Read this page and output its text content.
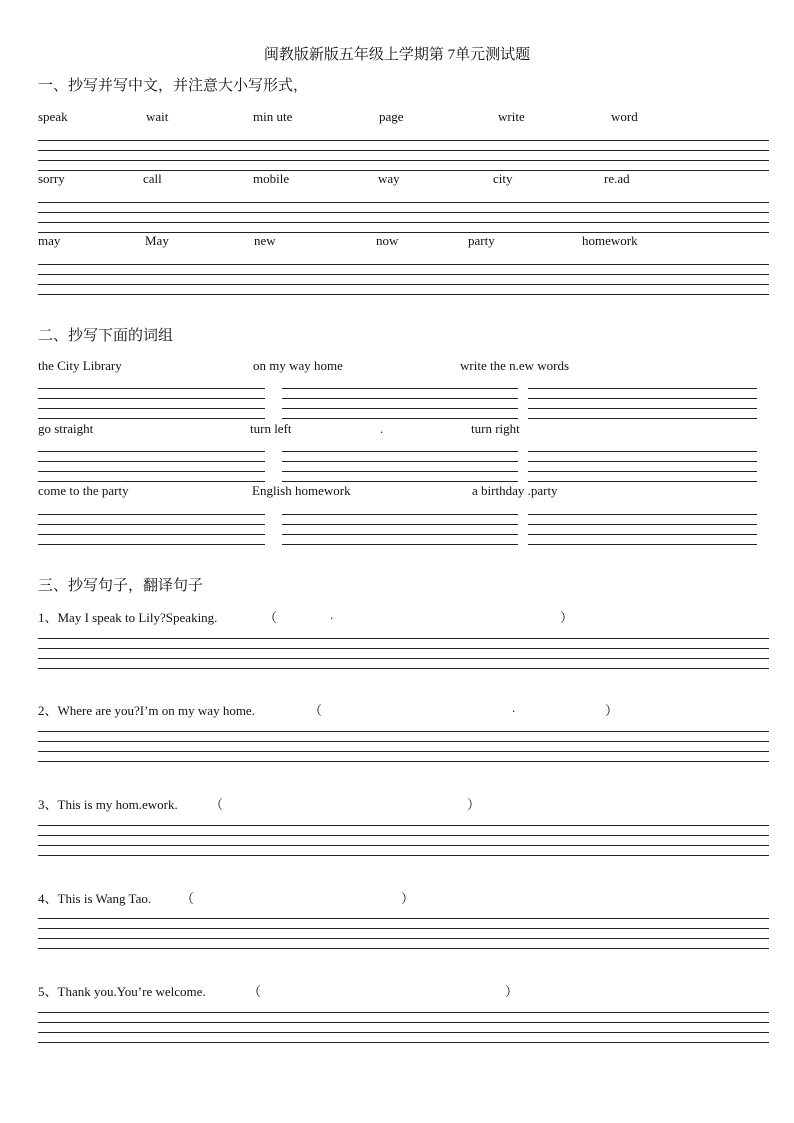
闽教版新版五年级上学期第 7单元测试题
一、抄写并写中文，并注意大小写形式，
speak	wait	min ute	page	write	word
sorry	call	mobile	way	city	re.ad
may	May	new	now	party	homework
二、抄写下面的词组
the City Library	on my way home	write the n.ew words
go straight	turn left	.	turn right
come to the party	English homework	a birthday .party
三、抄写句子，翻译句子
1、May I speak to Lily?Speaking.	（	.	）
2、Where are you?I’m on my way home.	（	.	）
3、This is my hom.ework. （	）
4、This is Wang Tao. （	）
5、Thank you.You’re welcome.	（	）
